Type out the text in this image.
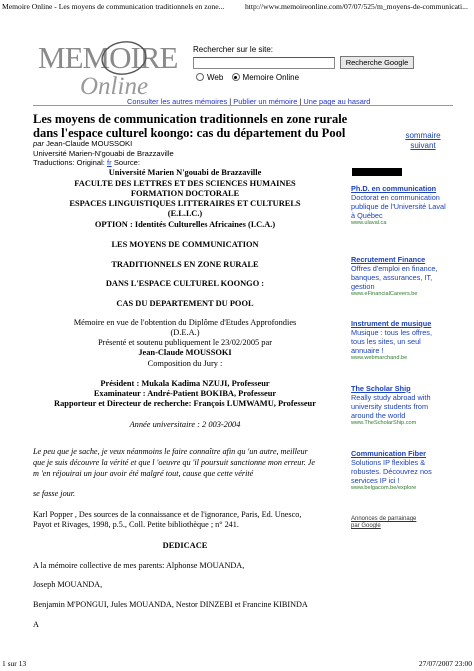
Memoire Online - Les moyens de communication traditionnels en zone...	http://www.memoireonline.com/07/07/525/m_moyens-de-communicati...
MEMOIRE
Online
Rechercher sur le site:
Recherche Google
Web Memoire Online
Consulter les autres mémoires | Publier un mémoire | Une page au hasard
Les moyens de communication traditionnels en zone rurale dans l'espace culturel koongo: cas du département du Pool
par Jean-Claude MOUSSOKI
Université Marien-N'gouabi de Brazzaville
Traductions: Original: fr Source:
sommaire
suivant
Ph.D. en communication
Doctorat en communication publique de l'Université Laval à Québec
www.ulaval.ca
Recrutement Finance
Offres d'emploi en finance, banques, assurances, IT, gestion
www.eFinancialCareers.be
Instrument de musique
Musique : tous les offres, tous les sites, un seul annuaire !
www.webmarchand.be
The Scholar Ship
Really study abroad with university students from around the world
www.TheScholarShip.com
Communication Fiber
Solutions IP flexibles & robustes. Découvrez nos services IP ici !
www.belgacom.be/explore
Annonces de parrainage par Google
Université Marien N'gouabi de Brazzaville
FACULTE DES LETTRES ET DES SCIENCES HUMAINES
FORMATION DOCTORALE
ESPACES LINGUISTIQUES LITTERAIRES ET CULTURELS
(E.L.I.C.)
OPTION : Identités Culturelles Africaines (I.C.A.)
LES MOYENS DE COMMUNICATION
TRADITIONNELS EN ZONE RURALE
DANS L'ESPACE CULTUREL KOONGO :
CAS DU DEPARTEMENT DU POOL
Mémoire en vue de l'obtention du Diplôme d'Etudes Approfondies
(D.E.A.)
Présenté et soutenu publiquement le 23/02/2005 par
Jean-Claude MOUSSOKI
Composition du Jury :
Président : Mukala Kadima NZUJI, Professeur
Examinateur : André-Patient BOKIBA, Professeur
Rapporteur et Directeur de recherche: François LUMWAMU, Professeur
Année universitaire : 2 003-2004
Le peu que je sache, je veux néanmoins le faire connaître afin qu 'un autre, meilleur
que je suis découvre la vérité et que l 'oeuvre qu 'il poursuit sanctionne mon erreur. Je
m 'en réjouirai un jour avoir été malgré tout, cause que cette vérité
se fasse jour.
Karl Popper , Des sources de la connaissance et de l'ignorance, Paris, Ed. Unesco,
Payot et Rivages, 1998, p.5., Coll. Petite bibliothèque ; n° 241.
DEDICACE
A la mémoire collective de mes parents: Alphonse MOUANDA,
Joseph MOUANDA,
Benjamin M'PONGUI, Jules MOUANDA, Nestor DINZEBI et Francine KIBINDA
A
1 sur 13	27/07/2007 23:00
